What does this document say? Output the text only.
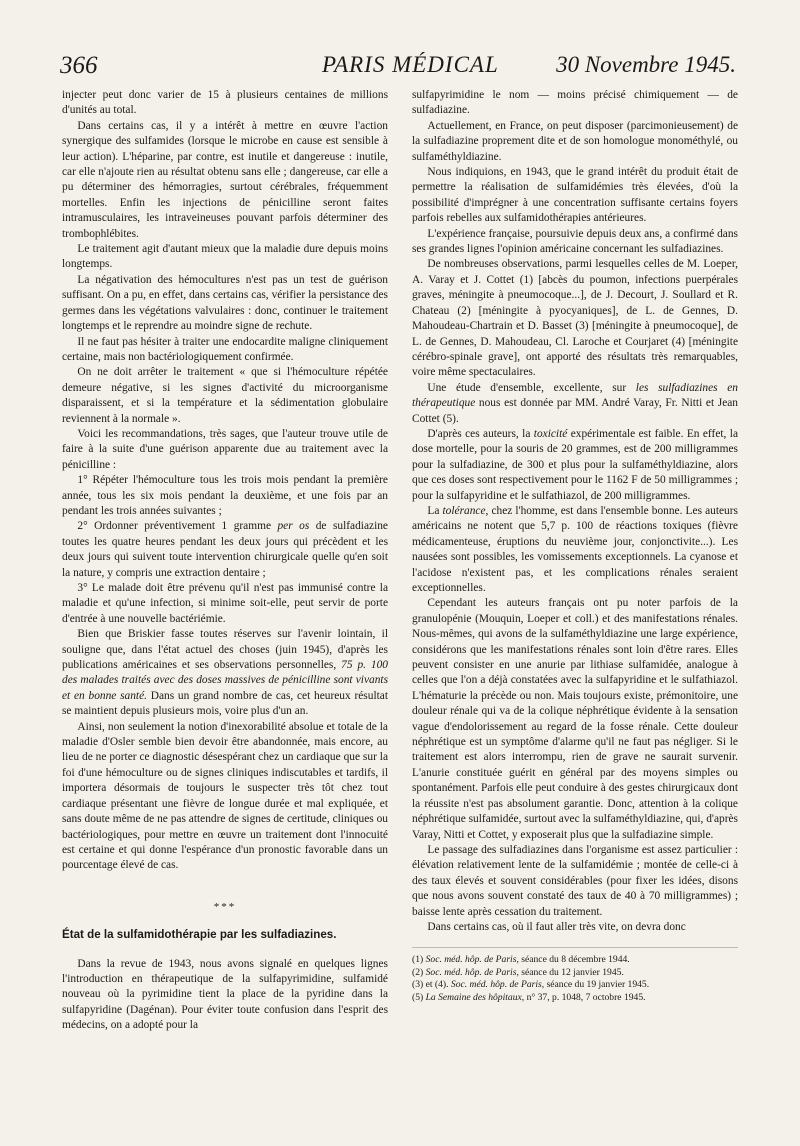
366	PARIS MÉDICAL 30 Novembre 1945.

injecter peut donc varier de 15 à plusieurs centaines de millions d'unités au total.

Dans certains cas, il y a intérêt à mettre en œuvre l'action synergique des sulfamides (lorsque le microbe en cause est sensible à leur action). L'héparine, par contre, est inutile et dangereuse : inutile, car elle n'ajoute rien au résultat obtenu sans elle ; dangereuse, car elle a pu déterminer des hémorragies, surtout cérébrales, fréquemment mortelles. Enfin les injections de pénicilline seront faites intramusculaires, les intraveineuses pouvant parfois déterminer des trombophlébites.

Le traitement agit d'autant mieux que la maladie dure depuis moins longtemps.

La négativation des hémocultures n'est pas un test de guérison suffisant. On a pu, en effet, dans certains cas, vérifier la persistance des germes dans les végétations valvulaires : donc, continuer le traitement longtemps et le reprendre au moindre signe de rechute.

Il ne faut pas hésiter à traiter une endocardite maligne cliniquement certaine, mais non bactériologiquement confirmée.

On ne doit arrêter le traitement « que si l'hémoculture répétée demeure négative, si les signes d'activité du microorganisme disparaissent, et si la température et la sédimentation globulaire reviennent à la normale ».

Voici les recommandations, très sages, que l'auteur trouve utile de faire à la suite d'une guérison apparente due au traitement avec la pénicilline :

1° Répéter l'hémoculture tous les trois mois pendant la première année, tous les six mois pendant la deuxième, et une fois par an pendant les trois années suivantes ;

2° Ordonner préventivement 1 gramme per os de sulfadiazine toutes les quatre heures pendant les deux jours qui précèdent et les deux jours qui suivent toute intervention chirurgicale quelle qu'en soit la nature, y compris une extraction dentaire ;

3° Le malade doit être prévenu qu'il n'est pas immunisé contre la maladie et qu'une infection, si minime soit-elle, peut servir de porte d'entrée à une nouvelle bactériémie.

Bien que Briskier fasse toutes réserves sur l'avenir lointain, il souligne que, dans l'état actuel des choses (juin 1945), d'après les publications américaines et ses observations personnelles, 75 p. 100 des malades traités avec des doses massives de pénicilline sont vivants et en bonne santé. Dans un grand nombre de cas, cet heureux résultat se maintient depuis plusieurs mois, voire plus d'un an.

Ainsi, non seulement la notion d'inexorabilité absolue et totale de la maladie d'Osler semble bien devoir être abandonnée, mais encore, au lieu de ne porter ce diagnostic désespérant chez un cardiaque que sur la foi d'une hémoculture ou de signes cliniques indiscutables et tardifs, il importera désormais de toujours le suspecter très tôt chez tout cardiaque présentant une fièvre de longue durée et mal expliquée, et sans doute même de ne pas attendre de signes de certitude, cliniques ou bactériologiques, pour mettre en œuvre un traitement dont l'innocuité est certaine et qui donne l'espérance d'un pronostic favorable dans un pourcentage élevé de cas.

***
État de la sulfamidothérapie par les sulfadiazines.

Dans la revue de 1943, nous avons signalé en quelques lignes l'introduction en thérapeutique de la sulfapyrimidine, sulfamidé nouveau où la pyrimidine tient la place de la pyridine dans la sulfapyridine (Dagénan). Pour éviter toute confusion dans l'esprit des médecins, on a adopté pour la

sulfapyrimidine le nom — moins précisé chimiquement — de sulfadiazine.

Actuellement, en France, on peut disposer (parcimonieusement) de la sulfadiazine proprement dite et de son homologue monométhylé, ou sulfaméthyldiazine.

Nous indiquions, en 1943, que le grand intérêt du produit était de permettre la réalisation de sulfamidémies très élevées, d'où la possibilité d'imprégner à une concentration suffisante certains foyers parfois rebelles aux sulfamidothérapies antérieures.

L'expérience française, poursuivie depuis deux ans, a confirmé dans ses grandes lignes l'opinion américaine concernant les sulfadiazines.

De nombreuses observations, parmi lesquelles celles de M. Loeper, A. Varay et J. Cottet (1) [abcès du poumon, infections puerpérales graves, méningite à pneumocoque...], de J. Decourt, J. Soullard et R. Chateau (2) [méningite à pyocyaniques], de L. de Gennes, D. Mahoudeau-Chartrain et D. Basset (3) [méningite à pneumocoque], de L. de Gennes, D. Mahoudeau, Cl. Laroche et Courjaret (4) [méningite cérébro-spinale grave], ont apporté des résultats très remarquables, voire même spectaculaires.

Une étude d'ensemble, excellente, sur les sulfadiazines en thérapeutique nous est donnée par MM. André Varay, Fr. Nitti et Jean Cottet (5).

D'après ces auteurs, la toxicité expérimentale est faible. En effet, la dose mortelle, pour la souris de 20 grammes, est de 200 milligrammes pour la sulfadiazine, de 300 et plus pour la sulfaméthyldiazine, alors que ces doses sont respectivement pour le 1162 F de 50 milligrammes ; pour la sulfapyridine et le sulfathiazol, de 200 milligrammes.

La tolérance, chez l'homme, est dans l'ensemble bonne. Les auteurs américains ne notent que 5,7 p. 100 de réactions toxiques (fièvre médicamenteuse, éruptions du neuvième jour, conjonctivite...). Les nausées sont possibles, les vomissements exceptionnels. La cyanose et l'acidose n'existent pas, et les complications rénales seraient exceptionnelles.

Cependant les auteurs français ont pu noter parfois de la granulopénie (Mouquin, Loeper et coll.) et des manifestations rénales. Nous-mêmes, qui avons de la sulfaméthyldiazine une large expérience, considérons que les manifestations rénales sont loin d'être rares. Elles peuvent consister en une anurie par lithiase sulfamidée, analogue à celles que l'on a déjà constatées avec la sulfapyridine et le sulfathiazol. L'hématurie la précède ou non. Mais toujours existe, prémonitoire, une douleur rénale qui va de la colique néphrétique évidente à la sensation vague d'endolorissement au regard de la fosse rénale. Cette douleur néphrétique est un symptôme d'alarme qu'il ne faut pas négliger. Si le traitement est alors interrompu, rien de grave ne saurait survenir. L'anurie constituée guérit en général par des moyens simples ou spontanément. Parfois elle peut conduire à des gestes chirurgicaux dont la réussite n'est pas absolument garantie. Donc, attention à la colique néphrétique sulfamidée, surtout avec la sulfaméthyldiazine, qui, d'après Varay, Nitti et Cottet, y exposerait plus que la sulfadiazine simple.

Le passage des sulfadiazines dans l'organisme est assez particulier : élévation relativement lente de la sulfamidémie ; montée de celle-ci à des taux élevés et souvent considérables (pour fixer les idées, disons que nous avons souvent constaté des taux de 40 à 70 milligrammes) ; baisse lente après cessation du traitement.

Dans certains cas, où il faut aller très vite, on devra donc

(1) Soc. méd. hôp. de Paris, séance du 8 décembre 1944.
(2) Soc. méd. hôp. de Paris, séance du 12 janvier 1945.
(3) et (4). Soc. méd. hôp. de Paris, séance du 19 janvier 1945.
(5) La Semaine des hôpitaux, n° 37, p. 1048, 7 octobre 1945.
